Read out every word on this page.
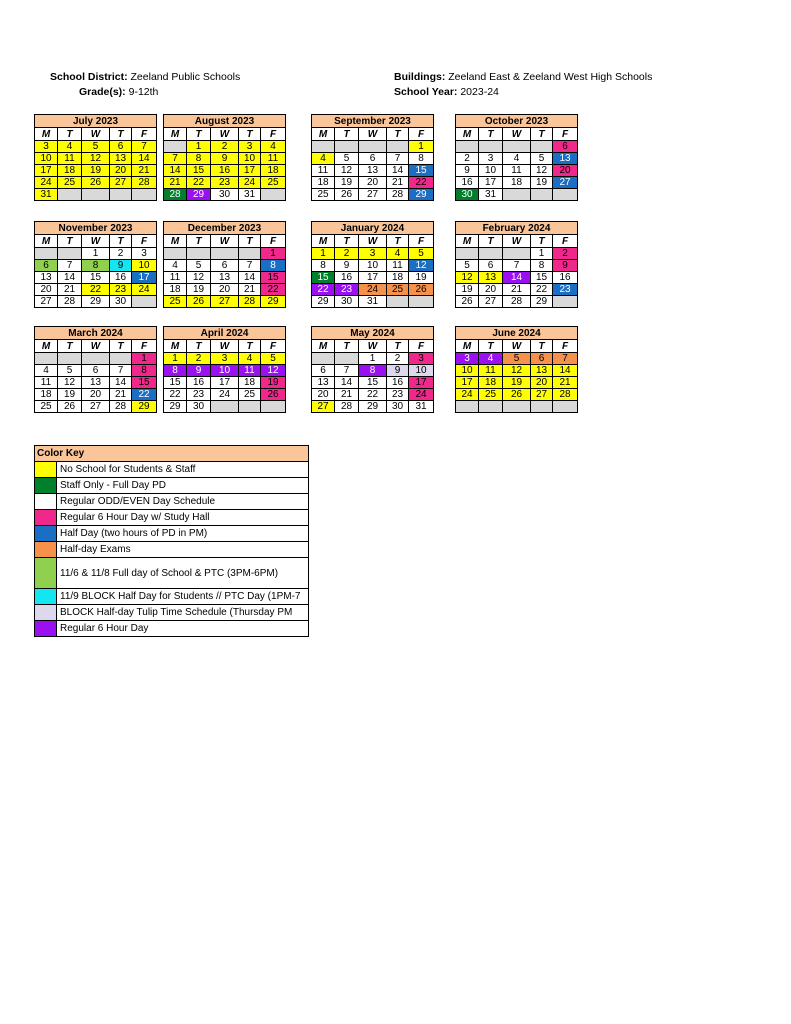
School District: Zeeland Public Schools
Grade(s): 9-12th
Buildings: Zeeland East & Zeeland West High Schools
School Year: 2023-24
July 2023				
M	T	W	T	F
3	4	5	6	7
10	11	12	13	14
17	18	19	20	21
24	25	26	27	28
31				
August 2023				
M	T	W	T	F
	1	2	3	4
7	8	9	10	11
14	15	16	17	18
21	22	23	24	25
28	29	30	31	
September 2023				
M	T	W	T	F
				1
4	5	6	7	8
11	12	13	14	15
18	19	20	21	22
25	26	27	28	29
October 2023				
M	T	W	T	F
				6
2	3	4	5	13
9	10	11	12	20
16	17	18	19	27
30	31			
November 2023				
M	T	W	T	F
		1	2	3
6	7	8	9	10
13	14	15	16	17
20	21	22	23	24
27	28	29	30	
December 2023				
M	T	W	T	F
				1
4	5	6	7	8
11	12	13	14	15
18	19	20	21	22
25	26	27	28	29
January 2024				
M	T	W	T	F
1	2	3	4	5
8	9	10	11	12
15	16	17	18	19
22	23	24	25	26
29	30	31		
February 2024				
M	T	W	T	F
			1	2
5	6	7	8	9
12	13	14	15	16
19	20	21	22	23
26	27	28	29	
March 2024				
M	T	W	T	F
				1
4	5	6	7	8
11	12	13	14	15
18	19	20	21	22
25	26	27	28	29
April 2024				
M	T	W	T	F
1	2	3	4	5
8	9	10	11	12
15	16	17	18	19
22	23	24	25	26
29	30			
May 2024				
M	T	W	T	F
		1	2	3
6	7	8	9	10
13	14	15	16	17
20	21	22	23	24
27	28	29	30	31
June 2024				
M	T	W	T	F
3	4	5	6	7
10	11	12	13	14
17	18	19	20	21
24	25	26	27	28

Color Key	
	No School for Students & Staff
	Staff Only - Full Day PD
	Regular ODD/EVEN Day Schedule
	Regular 6 Hour Day w/ Study Hall
	Half Day (two hours of PD in PM)
	Half-day Exams
	11/6 & 11/8 Full day of School & PTC (3PM-6PM)
	11/9 BLOCK Half Day for Students // PTC Day (1PM-7
	BLOCK Half-day Tulip Time Schedule (Thursday PM
	Regular 6 Hour Day
